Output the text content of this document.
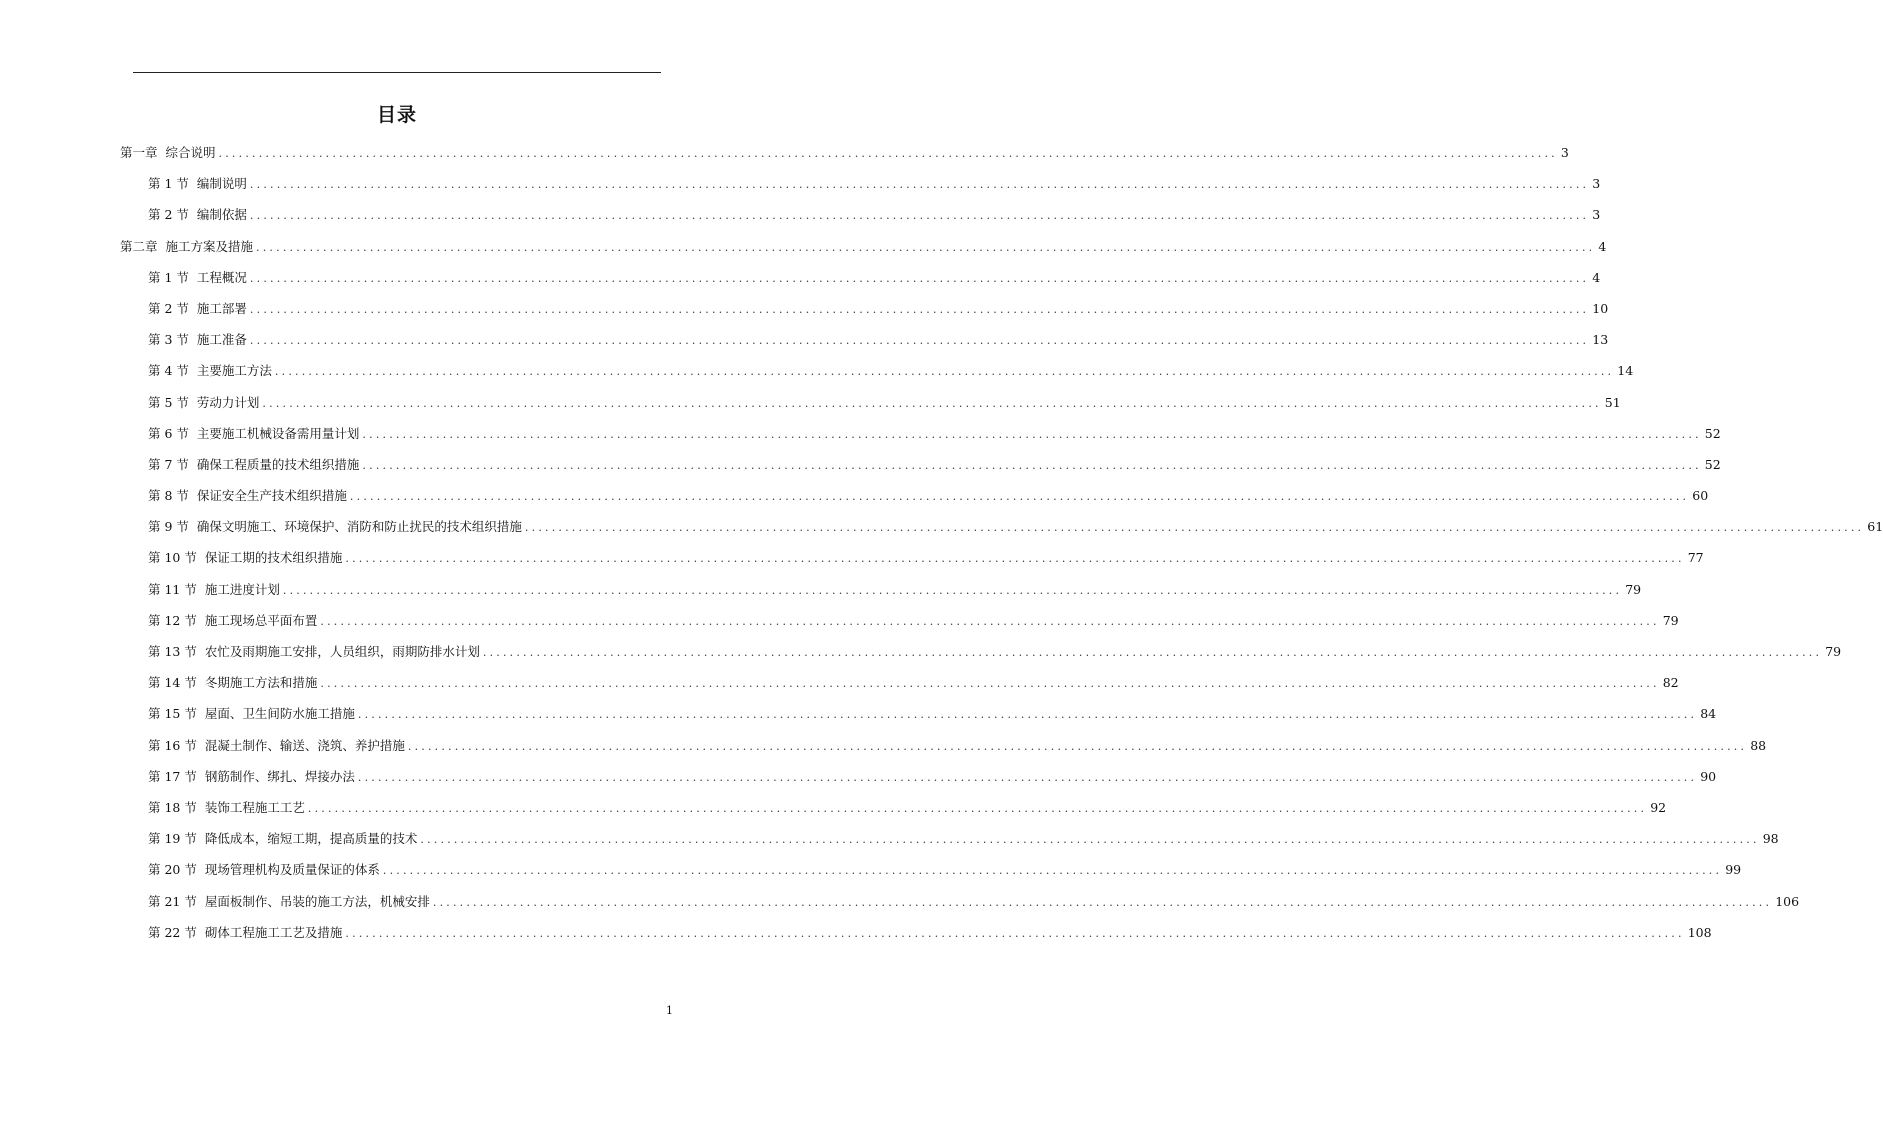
目录
第一章 综合说明 ........................................................................................................................................................................................................ 3
第 1 节 编制说明 ........................................................................................................................................................................................................ 3
第 2 节 编制依据 ........................................................................................................................................................................................................ 3
第二章 施工方案及措施 ........................................................................................................................................................................................................ 4
第 1 节 工程概况 ........................................................................................................................................................................................................ 4
第 2 节 施工部署 ........................................................................................................................................................................................................ 10
第 3 节 施工准备 ........................................................................................................................................................................................................ 13
第 4 节 主要施工方法 ........................................................................................................................................................................................................ 14
第 5 节 劳动力计划 ........................................................................................................................................................................................................ 51
第 6 节 主要施工机械设备需用量计划 ........................................................................................................................................................................................................ 52
第 7 节 确保工程质量的技术组织措施 ........................................................................................................................................................................................................ 52
第 8 节 保证安全生产技术组织措施 ........................................................................................................................................................................................................ 60
第 9 节 确保文明施工、环境保护、消防和防止扰民的技术组织措施 ........................................................................................................................................................................................................ 61
第 10 节 保证工期的技术组织措施 ........................................................................................................................................................................................................ 77
第 11 节 施工进度计划 ........................................................................................................................................................................................................ 79
第 12 节 施工现场总平面布置 ........................................................................................................................................................................................................ 79
第 13 节 农忙及雨期施工安排，人员组织，雨期防排水计划 ........................................................................................................................................................................................................ 79
第 14 节 冬期施工方法和措施 ........................................................................................................................................................................................................ 82
第 15 节 屋面、卫生间防水施工措施 ........................................................................................................................................................................................................ 84
第 16 节 混凝土制作、输送、浇筑、养护措施 ........................................................................................................................................................................................................ 88
第 17 节 钢筋制作、绑扎、焊接办法 ........................................................................................................................................................................................................ 90
第 18 节 装饰工程施工工艺 ........................................................................................................................................................................................................ 92
第 19 节 降低成本，缩短工期，提高质量的技术 ........................................................................................................................................................................................................ 98
第 20 节 现场管理机构及质量保证的体系 ........................................................................................................................................................................................................ 99
第 21 节 屋面板制作、吊装的施工方法，机械安排 ........................................................................................................................................................................................................ 106
第 22 节 砌体工程施工工艺及措施 ........................................................................................................................................................................................................ 108
1
